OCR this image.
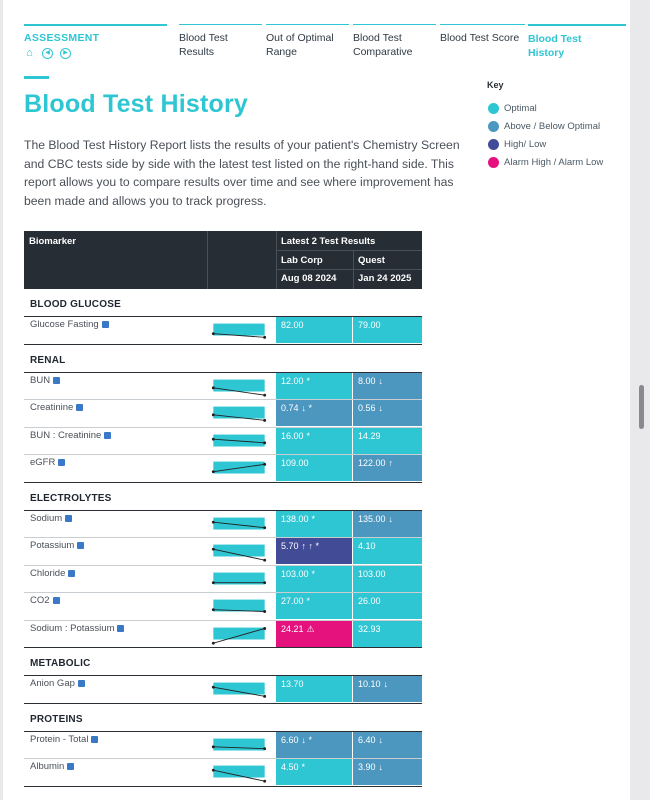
ASSESSMENT
⌂	◀	▶
Blood Test
Results
Out of Optimal
Range
Blood Test
Comparative
Blood Test Score Blood Test
History
Blood Test History

The Blood Test History Report lists the results of your patient's Chemistry Screen and CBC tests side by side with the latest test listed on the right-hand side. This report allows you to compare results over time and see where improvement has been made and allows you to track progress.

Key
Optimal
Above / Below Optimal
High/ Low
Alarm High / Alarm Low
Biomarker	Latest 2 Test Results
Lab Corp	Quest
Aug 08 2024 Jan 24 2025
BLOOD GLUCOSE
Glucose Fasting	82.00	79.00
RENAL
BUN	12.00 *	8.00 ↓
Creatinine	0.74 ↓ *	0.56 ↓
BUN : Creatinine	16.00 *	14.29
eGFR	109.00	122.00 ↑
ELECTROLYTES
Sodium	138.00 *	135.00 ↓
Potassium	5.70 ↑ ↑ *	4.10
Chloride	103.00 *	103.00
CO2	27.00 *	26.00
Sodium : Potassium	24.21 ⚠	32.93
METABOLIC
Anion Gap	13.70	10.10 ↓
PROTEINS
Protein - Total	6.60 ↓ *	6.40 ↓
Albumin	4.50 *	3.90 ↓
